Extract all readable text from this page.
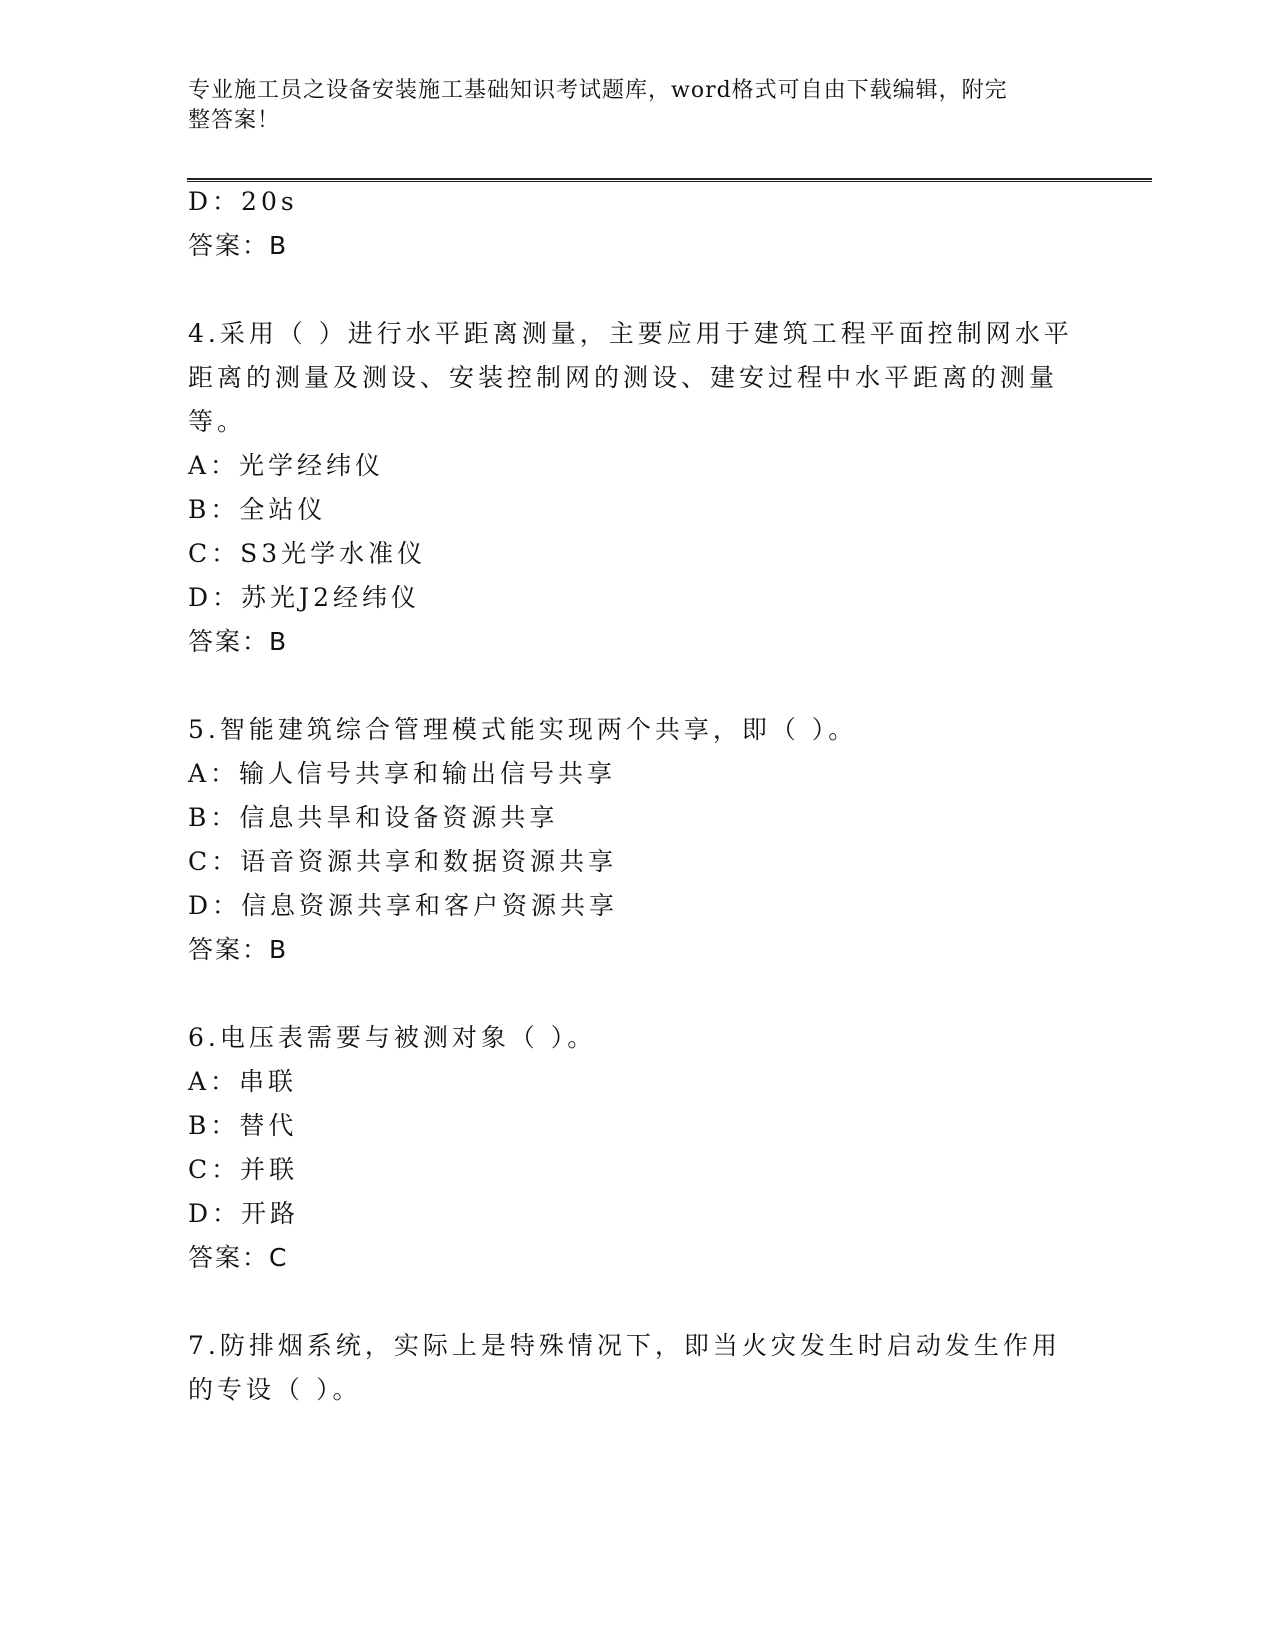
专业施工员之设备安装施工基础知识考试题库，word格式可自由下载编辑，附完
整答案！
D：20s
答案：B
4.采用（ ）进行水平距离测量，主要应用于建筑工程平面控制网水平
距离的测量及测设、安装控制网的测设、建安过程中水平距离的测量
等。
A：光学经纬仪
B：全站仪
C：S3光学水准仪
D：苏光J2经纬仪
答案：B
5.智能建筑综合管理模式能实现两个共享，即（ ）。
A：输人信号共享和输出信号共享
B：信息共旱和设备资源共享
C：语音资源共享和数据资源共享
D：信息资源共享和客户资源共享
答案：B
6.电压表需要与被测对象（ ）。
A：串联
B：替代
C：并联
D：开路
答案：C
7.防排烟系统，实际上是特殊情况下，即当火灾发生时启动发生作用
的专设（ ）。
